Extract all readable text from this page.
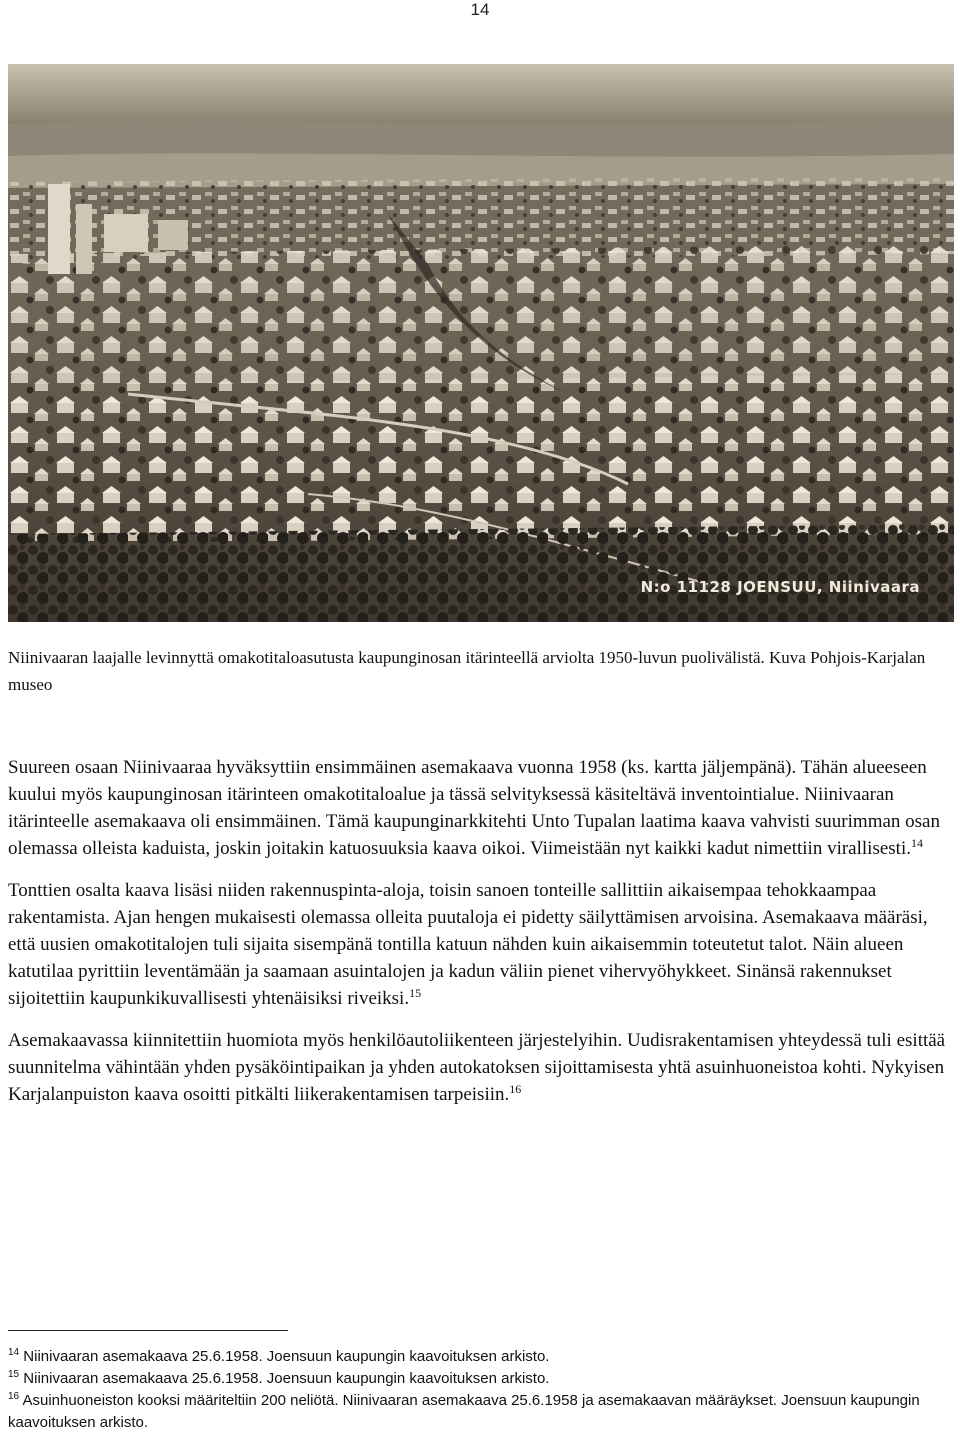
14
N:o 11128 JOENSUU, Niinivaara
Niinivaaran laajalle levinnyttä omakotitaloasutusta kaupunginosan itärinteellä arviolta 1950-luvun puolivälistä. Kuva Pohjois-Karjalan museo

Suureen osaan Niinivaaraa hyväksyttiin ensimmäinen asemakaava vuonna 1958 (ks. kartta jäljempänä). Tähän alueeseen kuului myös kaupunginosan itärinteen omakotitaloalue ja tässä selvityksessä käsiteltävä inventointialue. Niinivaaran itärinteelle asemakaava oli ensimmäinen. Tämä kaupunginarkkitehti Unto Tupalan laatima kaava vahvisti suurimman osan olemassa olleista kaduista, joskin joitakin katuosuuksia kaava oikoi. Viimeistään nyt kaikki kadut nimettiin virallisesti.$^{14}$

Tonttien osalta kaava lisäsi niiden rakennuspinta-aloja, toisin sanoen tonteille sallittiin aikaisempaa tehokkaampaa rakentamista. Ajan hengen mukaisesti olemassa olleita puutaloja ei pidetty säilyttämisen arvoisina. Asemakaava määräsi, että uusien omakotitalojen tuli sijaita sisempänä tontilla katuun nähden kuin aikaisemmin toteutetut talot. Näin alueen katutilaa pyrittiin leventämään ja saamaan asuintalojen ja kadun väliin pienet vihervyöhykkeet. Sinänsä rakennukset sijoitettiin kaupunkikuvallisesti yhtenäisiksi riveiksi.$^{15}$

Asemakaavassa kiinnitettiin huomiota myös henkilöautoliikenteen järjestelyihin. Uudisrakentamisen yhteydessä tuli esittää suunnitelma vähintään yhden pysäköintipaikan ja yhden autokatoksen sijoittamisesta yhtä asuinhuoneistoa kohti. Nykyisen Karjalanpuiston kaava osoitti pitkälti liikerakentamisen tarpeisiin.$^{16}$

$^{14}$ Niinivaaran asemakaava 25.6.1958. Joensuun kaupungin kaavoituksen arkisto.
$^{15}$ Niinivaaran asemakaava 25.6.1958. Joensuun kaupungin kaavoituksen arkisto.
$^{16}$ Asuinhuoneiston kooksi määriteltiin 200 neliötä. Niinivaaran asemakaava 25.6.1958 ja asemakaavan määräykset. Joensuun kaupungin kaavoituksen arkisto.
